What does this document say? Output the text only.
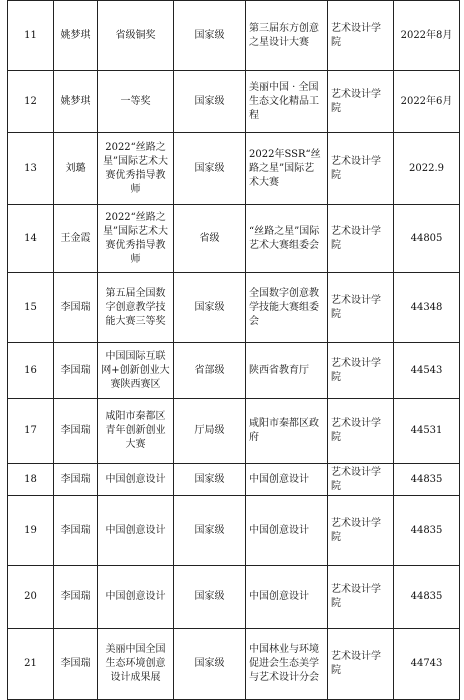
11	姚梦琪	省级铜奖	国家级	第三届东方创意之星设计大赛	艺术设计学院	2022年8月

12	姚梦琪	一等奖	国家级	美丽中国 · 全国生态文化精品工程	艺术设计学院	2022年6月

13	刘璐	2022“丝路之星”国际艺术大赛优秀指导教师	国家级	2022年SSR“丝路之星”国际艺术大赛	艺术设计学院	2022.9

14	王金霞	2022“丝路之星”国际艺术大赛优秀指导教师	省级	“丝路之星”国际艺术大赛组委会	艺术设计学院	44805

15	李国瑞	第五届全国数字创意教学技能大赛三等奖	国家级	全国数字创意教学技能大赛组委会	艺术设计学院	44348

16	李国瑞	中国国际互联网+创新创业大赛陕西赛区	省部级	陕西省教育厅	艺术设计学院	44543

17	李国瑞	咸阳市秦都区青年创新创业大赛	厅局级	咸阳市秦都区政府	艺术设计学院	44531

18	李国瑞	中国创意设计	国家级	中国创意设计	艺术设计学院	44835

19	李国瑞	中国创意设计	国家级	中国创意设计	艺术设计学院	44835

20	李国瑞	中国创意设计	国家级	中国创意设计	艺术设计学院	44835

21	李国瑞	美丽中国全国生态环境创意设计成果展	国家级	中国林业与环境促进会生态美学与艺术设计分会	艺术设计学院	44743
